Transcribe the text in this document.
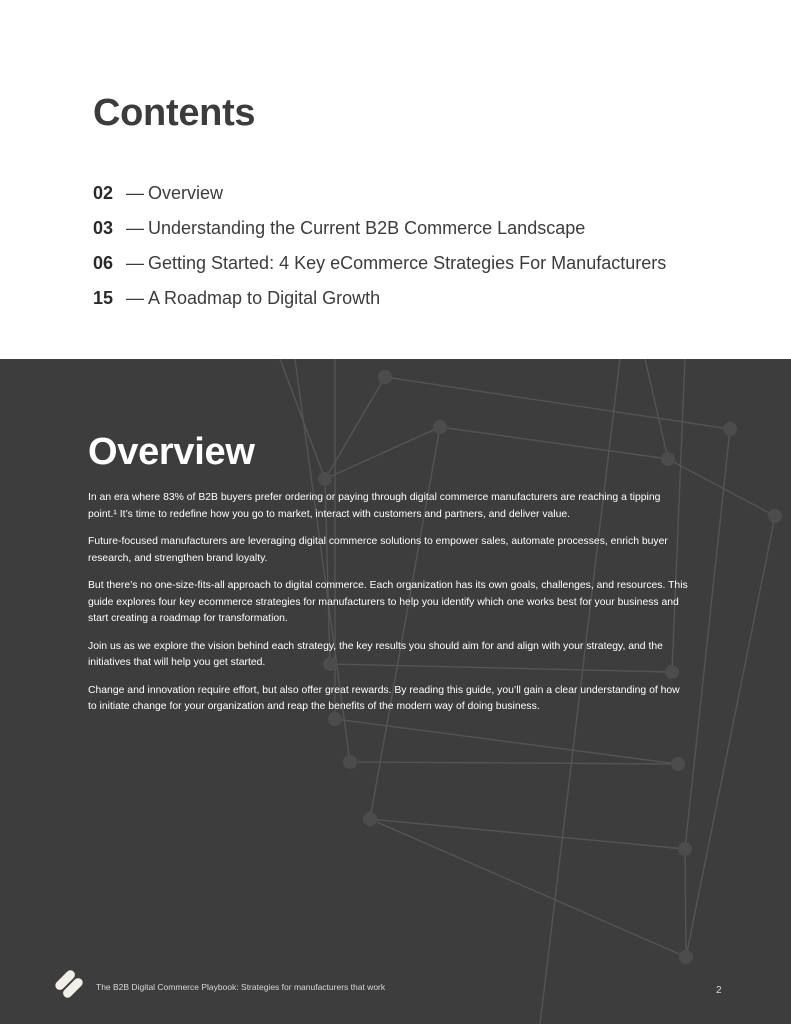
Contents
02 — Overview
03 — Understanding the Current B2B Commerce Landscape
06 — Getting Started: 4 Key eCommerce Strategies For Manufacturers
15 — A Roadmap to Digital Growth
Overview

In an era where 83% of B2B buyers prefer ordering or paying through digital commerce manufacturers are reaching a tipping point.¹ It’s time to redefine how you go to market, interact with customers and partners, and deliver value.

Future-focused manufacturers are leveraging digital commerce solutions to empower sales, automate processes, enrich buyer research, and strengthen brand loyalty.

But there’s no one-size-fits-all approach to digital commerce. Each organization has its own goals, challenges, and resources. This guide explores four key ecommerce strategies for manufacturers to help you identify which one works best for your business and start creating a roadmap for transformation.

Join us as we explore the vision behind each strategy, the key results you should aim for and align with your strategy, and the initiatives that will help you get started.

Change and innovation require effort, but also offer great rewards. By reading this guide, you’ll gain a clear understanding of how to initiate change for your organization and reap the benefits of the modern way of doing business.

The B2B Digital Commerce Playbook: Strategies for manufacturers that work	2
